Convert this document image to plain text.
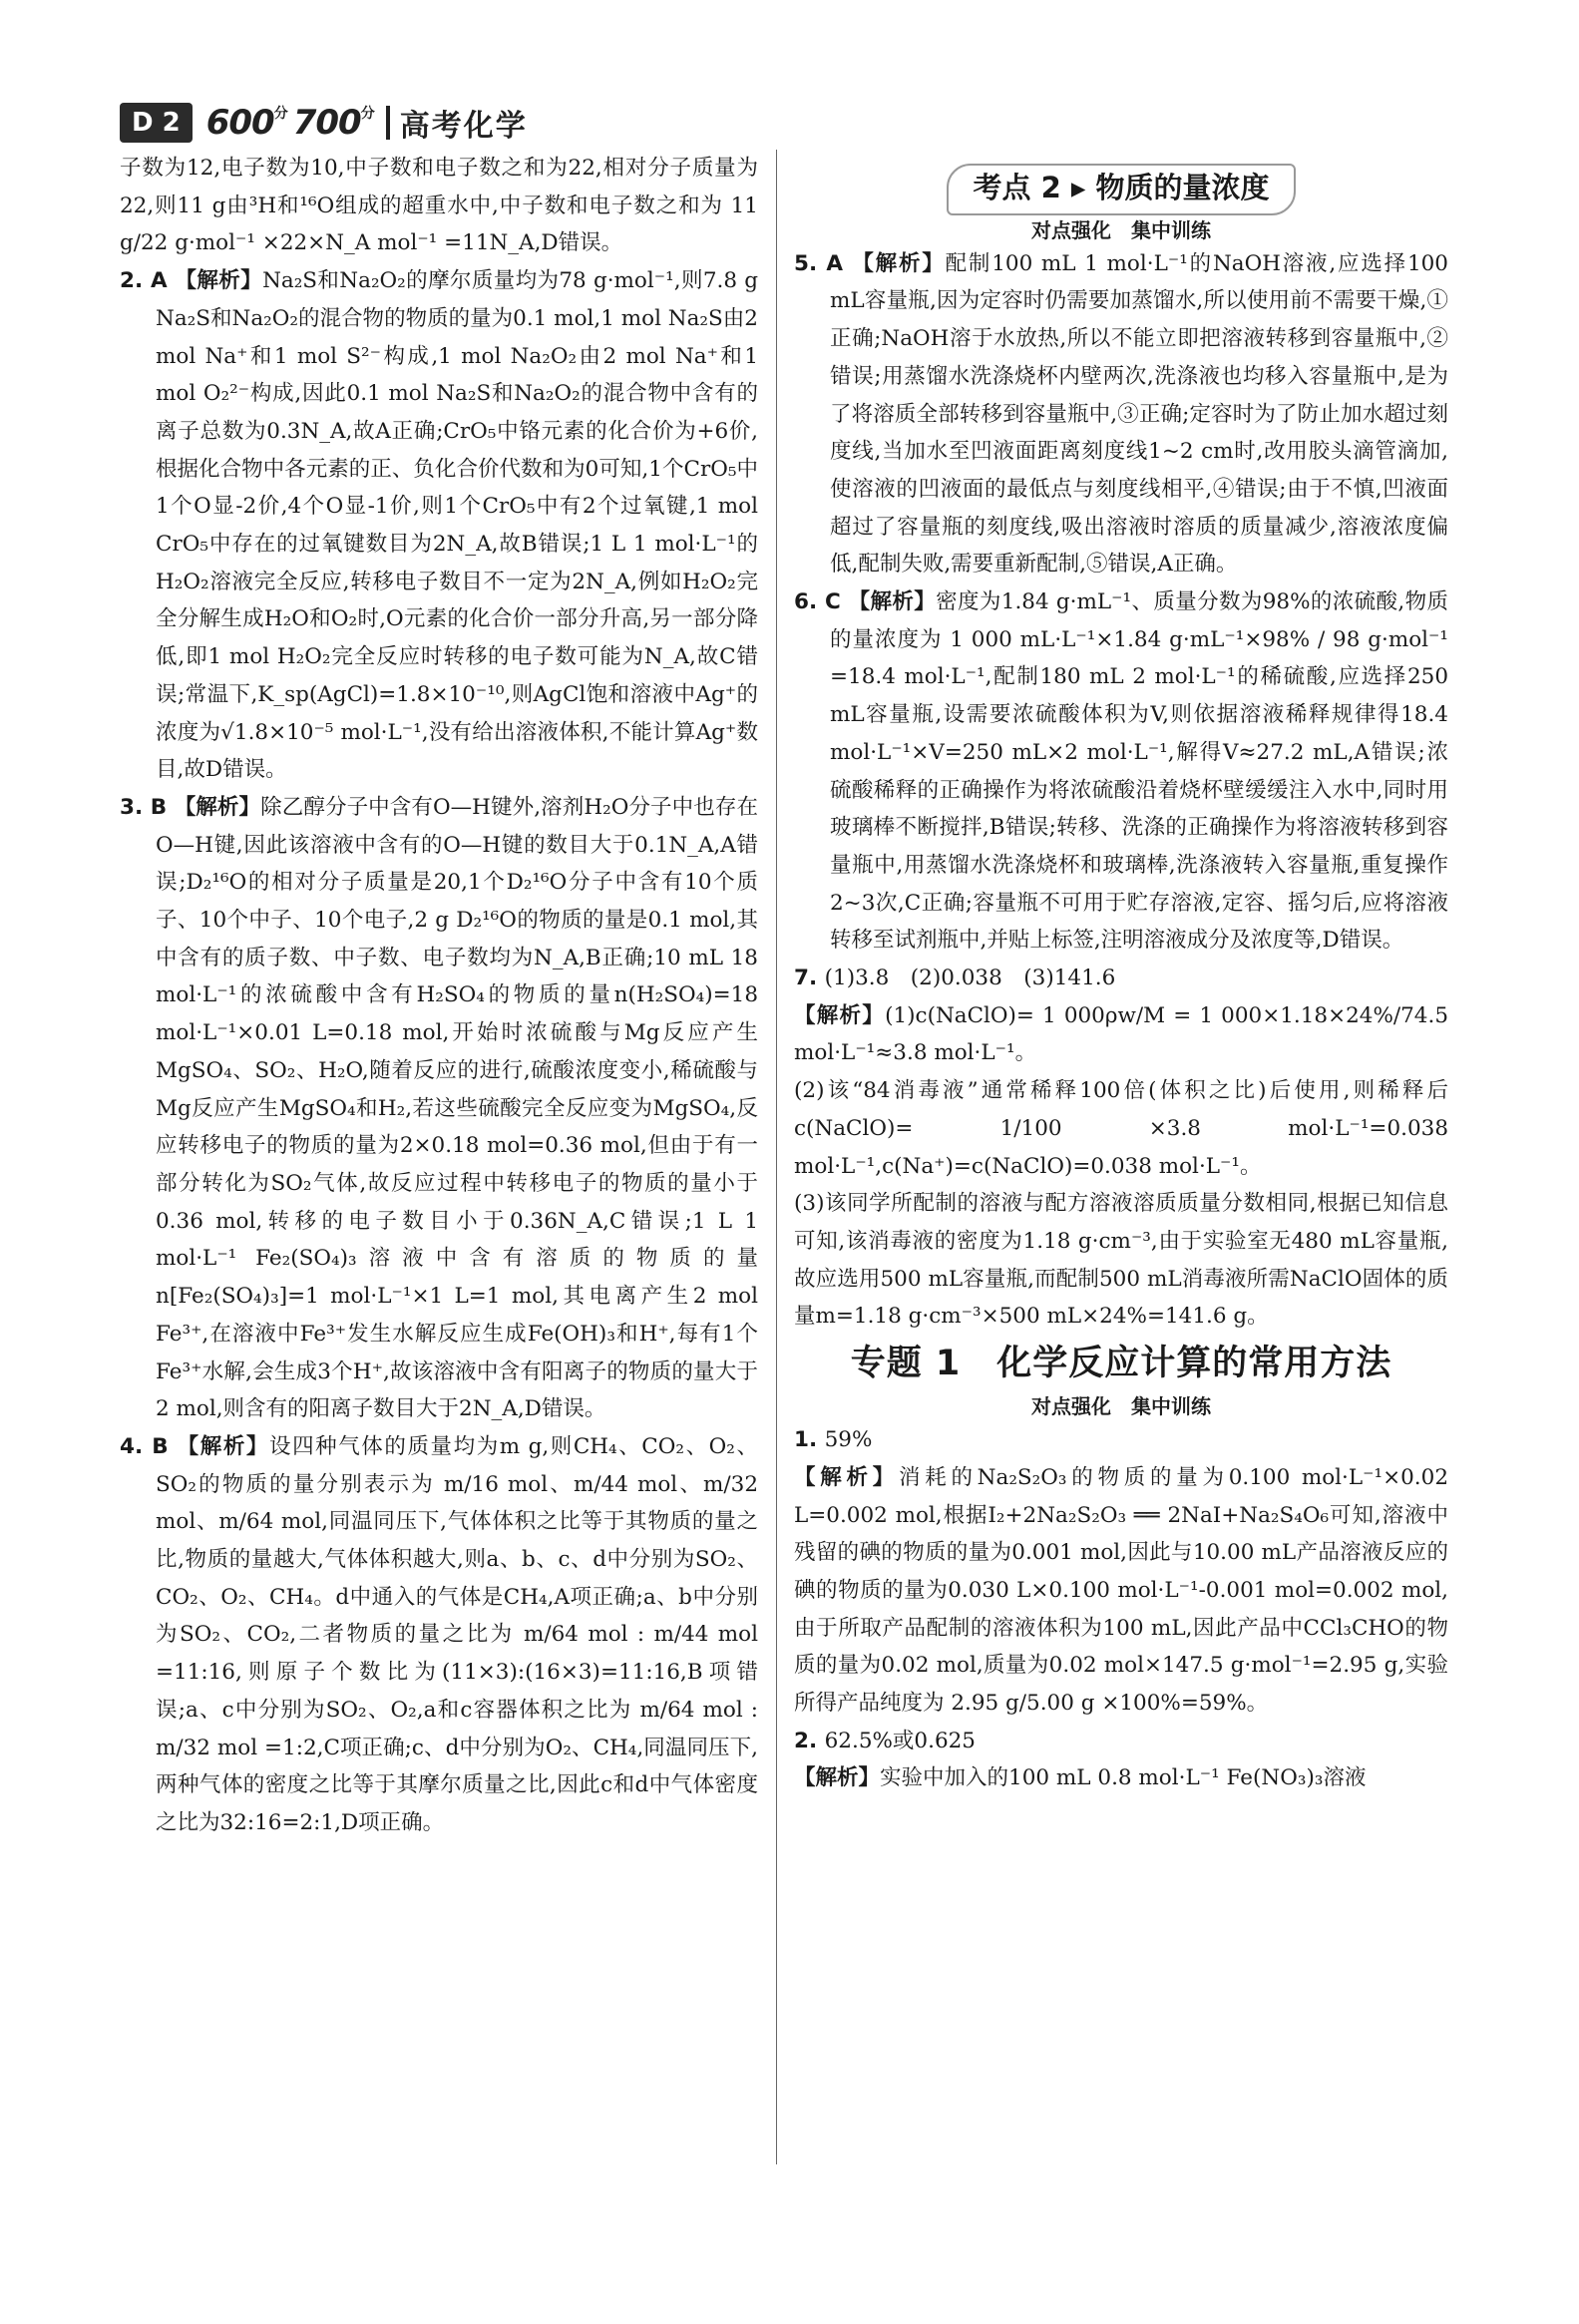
D 2 $600^分$ $700^分$ 高考化学

子数为12,电子数为10,中子数和电子数之和为22,相对分子质量为22,则11 g由³H和¹⁶O组成的超重水中,中子数和电子数之和为 11 g/22 g·mol⁻¹ ×22×N_A mol⁻¹ =11N_A,D错误。

2. A 【解析】Na₂S和Na₂O₂的摩尔质量均为78 g·mol⁻¹,则7.8 g Na₂S和Na₂O₂的混合物的物质的量为0.1 mol,1 mol Na₂S由2 mol Na⁺和1 mol S²⁻构成,1 mol Na₂O₂由2 mol Na⁺和1 mol O₂²⁻构成,因此0.1 mol Na₂S和Na₂O₂的混合物中含有的离子总数为0.3N_A,故A正确;CrO₅中铬元素的化合价为+6价,根据化合物中各元素的正、负化合价代数和为0可知,1个CrO₅中1个O显-2价,4个O显-1价,则1个CrO₅中有2个过氧键,1 mol CrO₅中存在的过氧键数目为2N_A,故B错误;1 L 1 mol·L⁻¹的H₂O₂溶液完全反应,转移电子数目不一定为2N_A,例如H₂O₂完全分解生成H₂O和O₂时,O元素的化合价一部分升高,另一部分降低,即1 mol H₂O₂完全反应时转移的电子数可能为N_A,故C错误;常温下,K_sp(AgCl)=1.8×10⁻¹⁰,则AgCl饱和溶液中Ag⁺的浓度为√1.8×10⁻⁵ mol·L⁻¹,没有给出溶液体积,不能计算Ag⁺数目,故D错误。

3. B 【解析】除乙醇分子中含有O—H键外,溶剂H₂O分子中也存在O—H键,因此该溶液中含有的O—H键的数目大于0.1N_A,A错误;D₂¹⁶O的相对分子质量是20,1个D₂¹⁶O分子中含有10个质子、10个中子、10个电子,2 g D₂¹⁶O的物质的量是0.1 mol,其中含有的质子数、中子数、电子数均为N_A,B正确;10 mL 18 mol·L⁻¹的浓硫酸中含有H₂SO₄的物质的量n(H₂SO₄)=18 mol·L⁻¹×0.01 L=0.18 mol,开始时浓硫酸与Mg反应产生MgSO₄、SO₂、H₂O,随着反应的进行,硫酸浓度变小,稀硫酸与Mg反应产生MgSO₄和H₂,若这些硫酸完全反应变为MgSO₄,反应转移电子的物质的量为2×0.18 mol=0.36 mol,但由于有一部分转化为SO₂气体,故反应过程中转移电子的物质的量小于0.36 mol,转移的电子数目小于0.36N_A,C错误;1 L 1 mol·L⁻¹ Fe₂(SO₄)₃溶液中含有溶质的物质的量n[Fe₂(SO₄)₃]=1 mol·L⁻¹×1 L=1 mol,其电离产生2 mol Fe³⁺,在溶液中Fe³⁺发生水解反应生成Fe(OH)₃和H⁺,每有1个Fe³⁺水解,会生成3个H⁺,故该溶液中含有阳离子的物质的量大于2 mol,则含有的阳离子数目大于2N_A,D错误。

4. B 【解析】设四种气体的质量均为m g,则CH₄、CO₂、O₂、SO₂的物质的量分别表示为 m/16 mol、m/44 mol、m/32 mol、m/64 mol,同温同压下,气体体积之比等于其物质的量之比,物质的量越大,气体体积越大,则a、b、c、d中分别为SO₂、CO₂、O₂、CH₄。d中通入的气体是CH₄,A项正确;a、b中分别为SO₂、CO₂,二者物质的量之比为 m/64 mol : m/44 mol =11:16,则原子个数比为(11×3):(16×3)=11:16,B项错误;a、c中分别为SO₂、O₂,a和c容器体积之比为 m/64 mol : m/32 mol =1:2,C项正确;c、d中分别为O₂、CH₄,同温同压下,两种气体的密度之比等于其摩尔质量之比,因此c和d中气体密度之比为32:16=2:1,D项正确。

考点 2 ▸ 物质的量浓度

对点强化　集中训练

5. A 【解析】配制100 mL 1 mol·L⁻¹的NaOH溶液,应选择100 mL容量瓶,因为定容时仍需要加蒸馏水,所以使用前不需要干燥,①正确;NaOH溶于水放热,所以不能立即把溶液转移到容量瓶中,②错误;用蒸馏水洗涤烧杯内壁两次,洗涤液也均移入容量瓶中,是为了将溶质全部转移到容量瓶中,③正确;定容时为了防止加水超过刻度线,当加水至凹液面距离刻度线1~2 cm时,改用胶头滴管滴加,使溶液的凹液面的最低点与刻度线相平,④错误;由于不慎,凹液面超过了容量瓶的刻度线,吸出溶液时溶质的质量减少,溶液浓度偏低,配制失败,需要重新配制,⑤错误,A正确。

6. C 【解析】密度为1.84 g·mL⁻¹、质量分数为98%的浓硫酸,物质的量浓度为 1 000 mL·L⁻¹×1.84 g·mL⁻¹×98% / 98 g·mol⁻¹ =18.4 mol·L⁻¹,配制180 mL 2 mol·L⁻¹的稀硫酸,应选择250 mL容量瓶,设需要浓硫酸体积为V,则依据溶液稀释规律得18.4 mol·L⁻¹×V=250 mL×2 mol·L⁻¹,解得V≈27.2 mL,A错误;浓硫酸稀释的正确操作为将浓硫酸沿着烧杯壁缓缓注入水中,同时用玻璃棒不断搅拌,B错误;转移、洗涤的正确操作为将溶液转移到容量瓶中,用蒸馏水洗涤烧杯和玻璃棒,洗涤液转入容量瓶,重复操作2~3次,C正确;容量瓶不可用于贮存溶液,定容、摇匀后,应将溶液转移至试剂瓶中,并贴上标签,注明溶液成分及浓度等,D错误。

7. (1)3.8　(2)0.038　(3)141.6

【解析】(1)c(NaClO)= 1 000ρw/M = 1 000×1.18×24%/74.5 mol·L⁻¹≈3.8 mol·L⁻¹。

(2)该“84消毒液”通常稀释100倍(体积之比)后使用,则稀释后c(NaClO)= 1/100 ×3.8 mol·L⁻¹=0.038 mol·L⁻¹,c(Na⁺)=c(NaClO)=0.038 mol·L⁻¹。

(3)该同学所配制的溶液与配方溶液溶质质量分数相同,根据已知信息可知,该消毒液的密度为1.18 g·cm⁻³,由于实验室无480 mL容量瓶,故应选用500 mL容量瓶,而配制500 mL消毒液所需NaClO固体的质量m=1.18 g·cm⁻³×500 mL×24%=141.6 g。

专题 1　化学反应计算的常用方法

对点强化　集中训练

1. 59%

【解析】消耗的Na₂S₂O₃的物质的量为0.100 mol·L⁻¹×0.02 L=0.002 mol,根据I₂+2Na₂S₂O₃ ══ 2NaI+Na₂S₄O₆可知,溶液中残留的碘的物质的量为0.001 mol,因此与10.00 mL产品溶液反应的碘的物质的量为0.030 L×0.100 mol·L⁻¹-0.001 mol=0.002 mol,由于所取产品配制的溶液体积为100 mL,因此产品中CCl₃CHO的物质的量为0.02 mol,质量为0.02 mol×147.5 g·mol⁻¹=2.95 g,实验所得产品纯度为 2.95 g/5.00 g ×100%=59%。

2. 62.5%或0.625

【解析】实验中加入的100 mL 0.8 mol·L⁻¹ Fe(NO₃)₃溶液
